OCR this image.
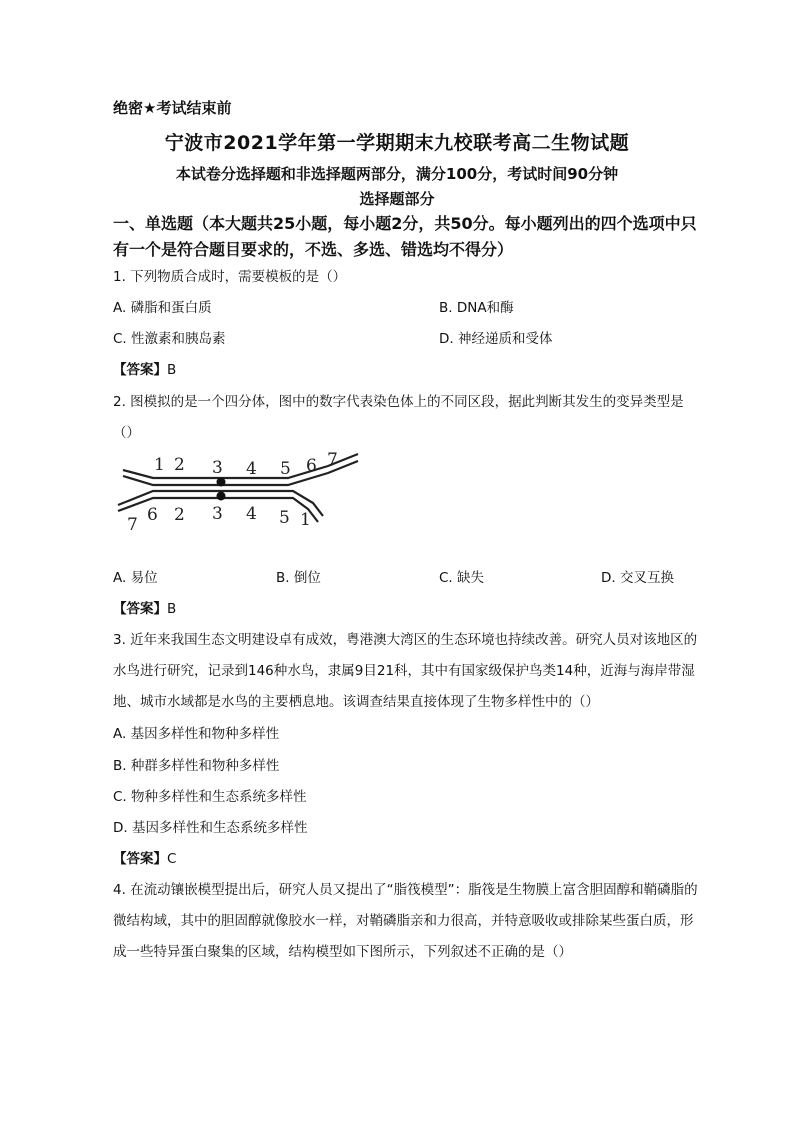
绝密★考试结束前
宁波市2021学年第一学期期末九校联考高二生物试题
本试卷分选择题和非选择题两部分，满分100分，考试时间90分钟
选择题部分
一、单选题（本大题共25小题，每小题2分，共50分。每小题列出的四个选项中只有一个是符合题目要求的，不选、多选、错选均不得分）
1. 下列物质合成时，需要模板的是（）
A. 磷脂和蛋白质	B. DNA和酶
C. 性激素和胰岛素	D. 神经递质和受体
【答案】B
2. 图模拟的是一个四分体，图中的数字代表染色体上的不同区段，据此判断其发生的变异类型是
（）
1 2 3 4 5 6 7
7 6 2 3 4 5 1
A. 易位	B. 倒位	C. 缺失	D. 交叉互换
【答案】B
3. 近年来我国生态文明建设卓有成效，粤港澳大湾区的生态环境也持续改善。研究人员对该地区的水鸟进行研究，记录到146种水鸟，隶属9目21科，其中有国家级保护鸟类14种，近海与海岸带湿地、城市水域都是水鸟的主要栖息地。该调查结果直接体现了生物多样性中的（）
A. 基因多样性和物种多样性
B. 种群多样性和物种多样性
C. 物种多样性和生态系统多样性
D. 基因多样性和生态系统多样性
【答案】C
4. 在流动镶嵌模型提出后，研究人员又提出了“脂筏模型”：脂筏是生物膜上富含胆固醇和鞘磷脂的微结构域，其中的胆固醇就像胶水一样，对鞘磷脂亲和力很高，并特意吸收或排除某些蛋白质，形成一些特异蛋白聚集的区域，结构模型如下图所示，下列叙述不正确的是（）
